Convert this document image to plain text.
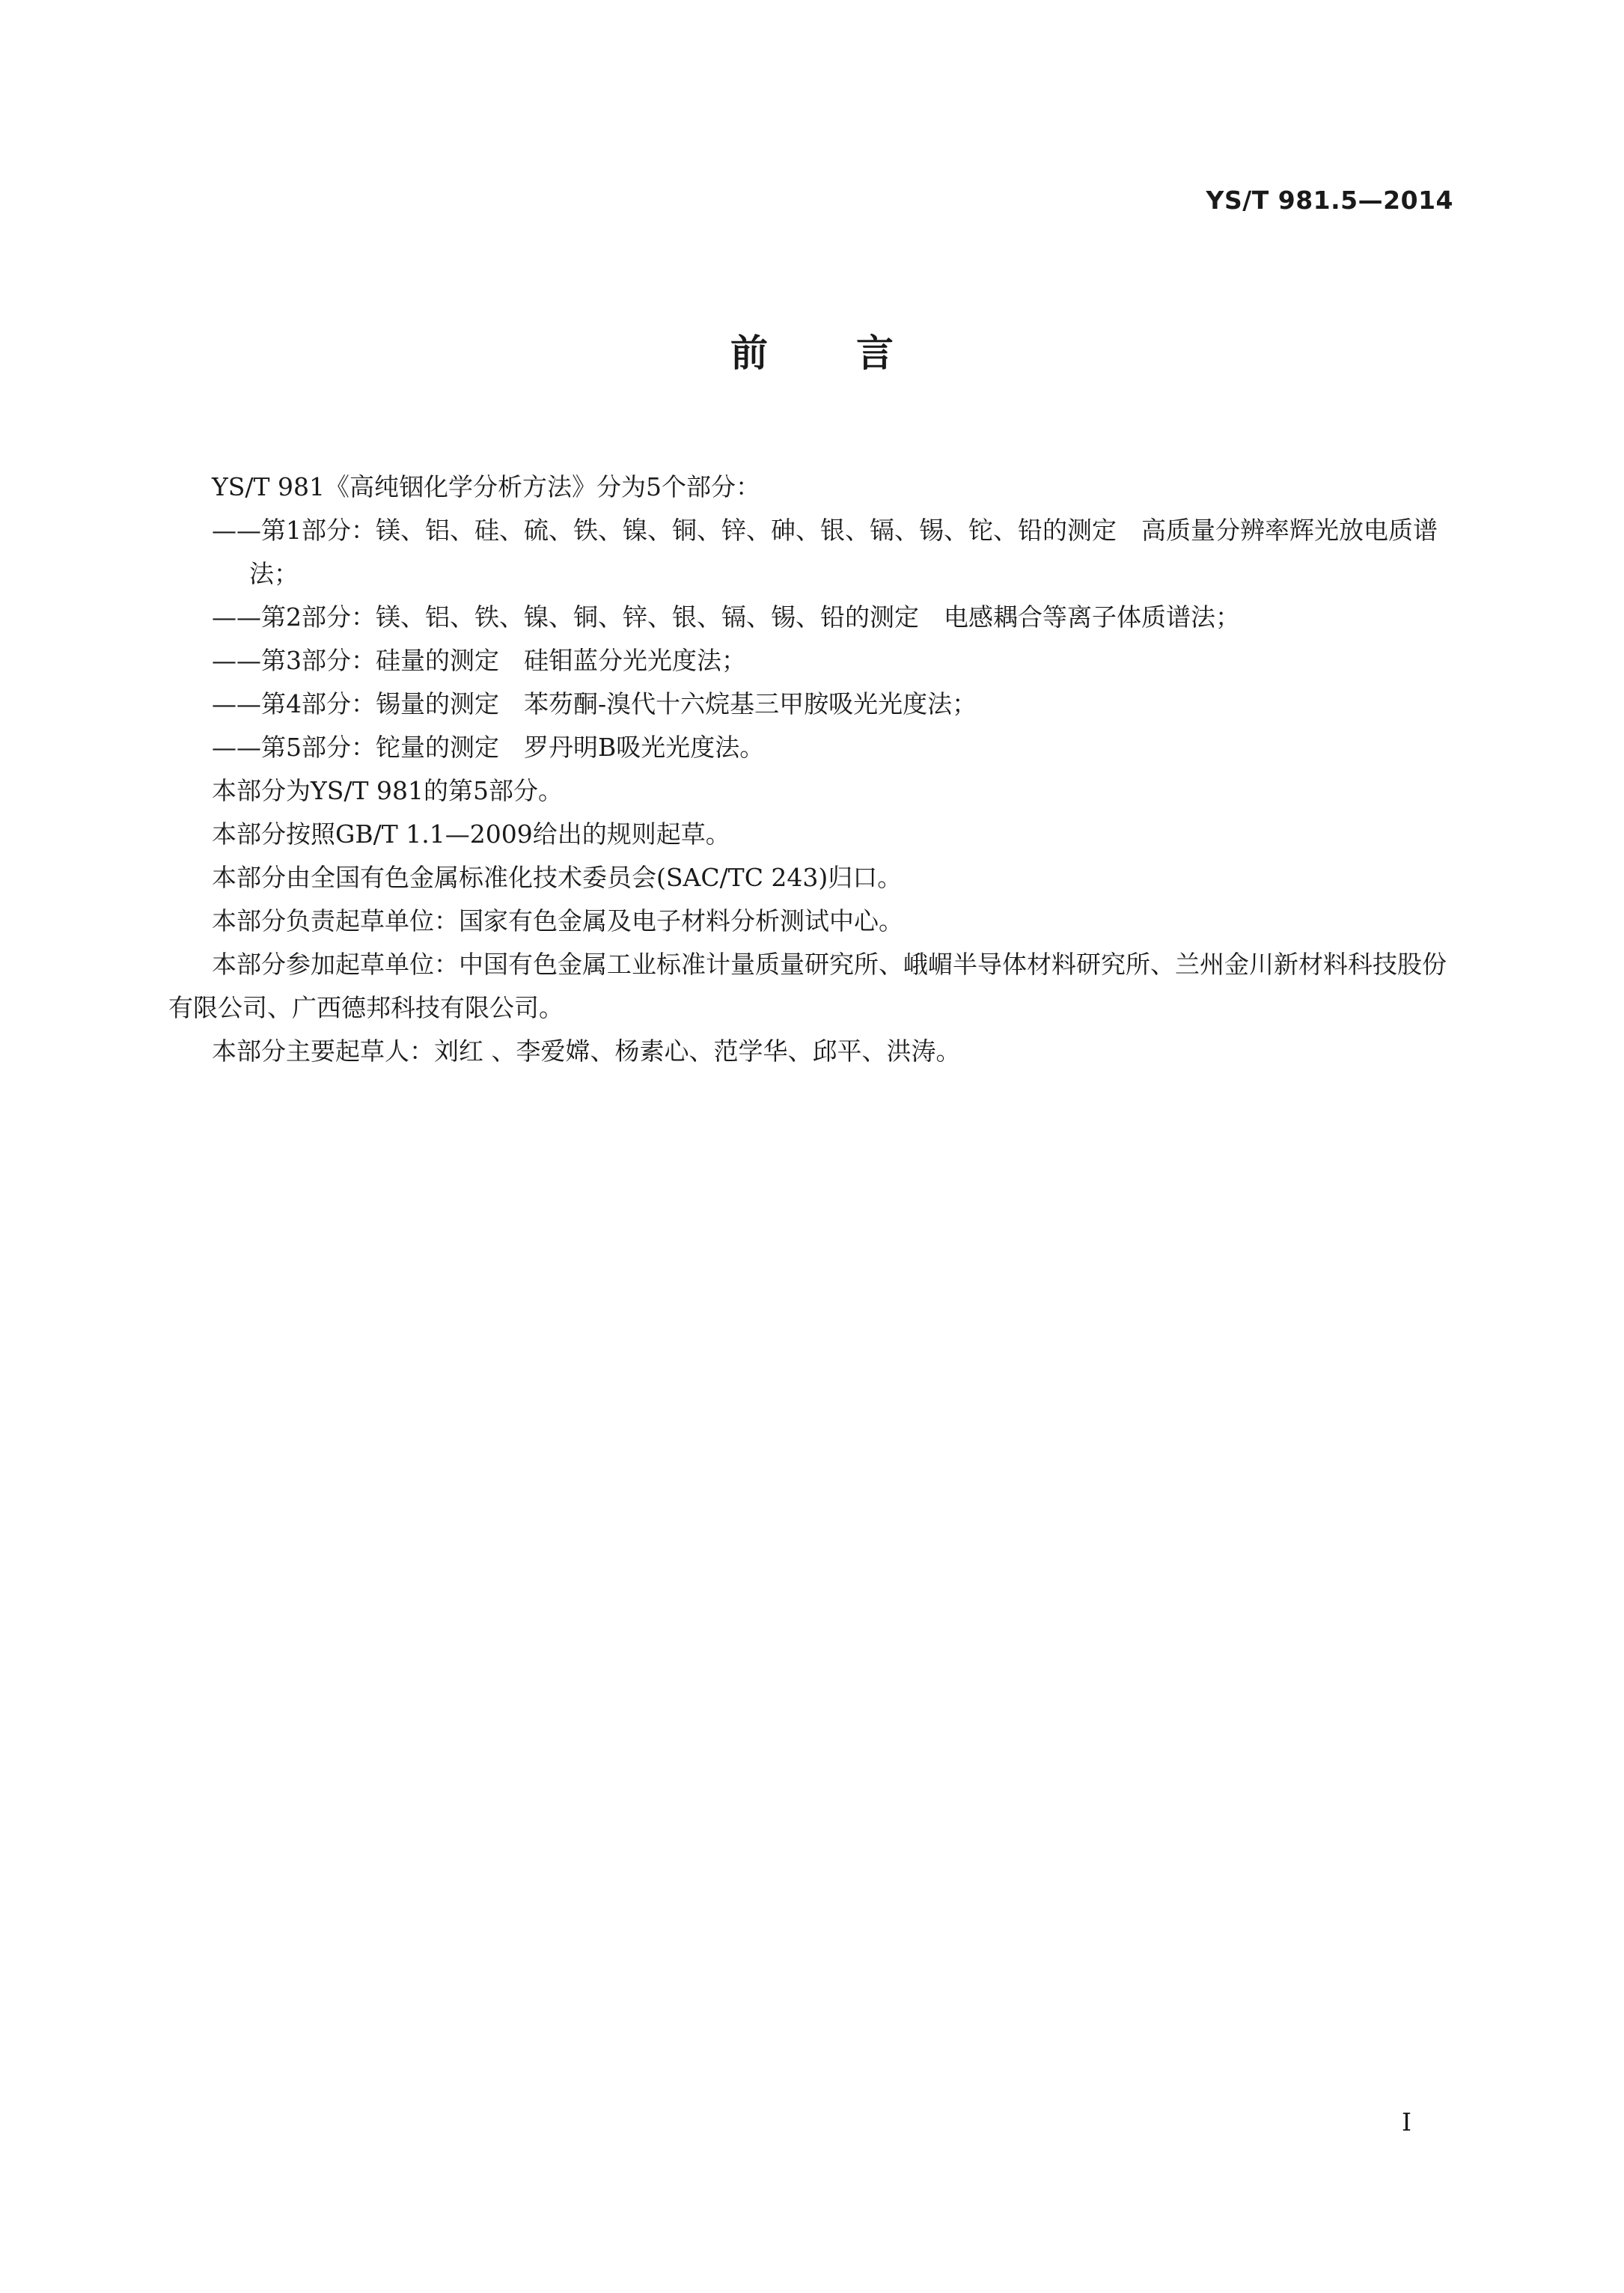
YS/T 981.5—2014
前 言

YS/T 981《高纯铟化学分析方法》分为5个部分：

——第1部分：镁、铝、硅、硫、铁、镍、铜、锌、砷、银、镉、锡、铊、铅的测定　高质量分辨率辉光放电质谱法；

——第2部分：镁、铝、铁、镍、铜、锌、银、镉、锡、铅的测定　电感耦合等离子体质谱法；

——第3部分：硅量的测定　硅钼蓝分光光度法；

——第4部分：锡量的测定　苯芴酮-溴代十六烷基三甲胺吸光光度法；

——第5部分：铊量的测定　罗丹明B吸光光度法。

本部分为YS/T 981的第5部分。

本部分按照GB/T 1.1—2009给出的规则起草。

本部分由全国有色金属标准化技术委员会(SAC/TC 243)归口。

本部分负责起草单位：国家有色金属及电子材料分析测试中心。

本部分参加起草单位：中国有色金属工业标准计量质量研究所、峨嵋半导体材料研究所、兰州金川新材料科技股份有限公司、广西德邦科技有限公司。

本部分主要起草人：刘红 、李爱嫦、杨素心、范学华、邱平、洪涛。

I
